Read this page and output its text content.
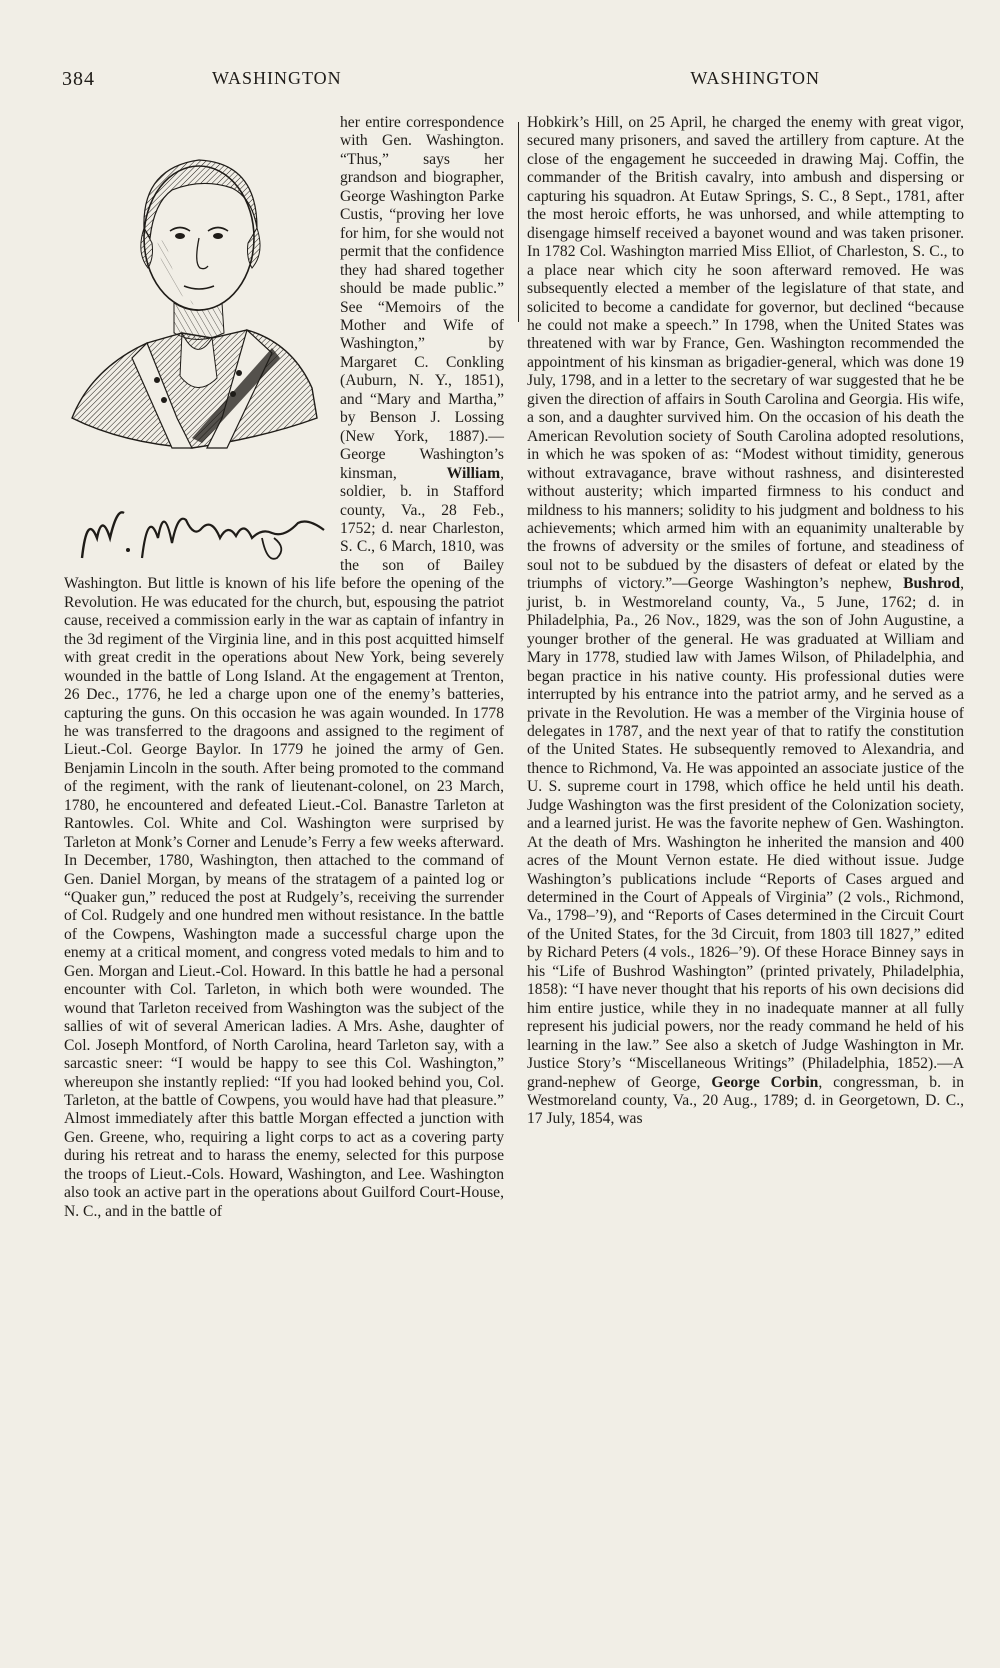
384	WASHINGTON	WASHINGTON

her entire correspondence with Gen. Washington. “Thus,” says her grandson and biographer, George Washington Parke Custis, “proving her love for him, for she would not permit that the confidence they had shared together should be made public.” See “Memoirs of the Mother and Wife of Washington,” by Margaret C. Conkling (Auburn, N. Y., 1851), and “Mary and Martha,” by Benson J. Lossing (New York, 1887).—George Washington’s kinsman, William, soldier, b. in Stafford county, Va., 28 Feb., 1752; d. near Charleston, S. C., 6 March, 1810, was the son of Bailey Washington. But little is known of his life before the opening of the Revolution. He was educated for the church, but, espousing the patriot cause, received a commission early in the war as captain of infantry in the 3d regiment of the Virginia line, and in this post acquitted himself with great credit in the operations about New York, being severely wounded in the battle of Long Island. At the engagement at Trenton, 26 Dec., 1776, he led a charge upon one of the enemy’s batteries, capturing the guns. On this occasion he was again wounded. In 1778 he was transferred to the dragoons and assigned to the regiment of Lieut.-Col. George Baylor. In 1779 he joined the army of Gen. Benjamin Lincoln in the south. After being promoted to the command of the regiment, with the rank of lieutenant-colonel, on 23 March, 1780, he encountered and defeated Lieut.-Col. Banastre Tarleton at Rantowles. Col. White and Col. Washington were surprised by Tarleton at Monk’s Corner and Lenude’s Ferry a few weeks afterward. In December, 1780, Washington, then attached to the command of Gen. Daniel Morgan, by means of the stratagem of a painted log or “Quaker gun,” reduced the post at Rudgely’s, receiving the surrender of Col. Rudgely and one hundred men without resistance. In the battle of the Cowpens, Washington made a successful charge upon the enemy at a critical moment, and congress voted medals to him and to Gen. Morgan and Lieut.-Col. Howard. In this battle he had a personal encounter with Col. Tarleton, in which both were wounded. The wound that Tarleton received from Washington was the subject of the sallies of wit of several American ladies. A Mrs. Ashe, daughter of Col. Joseph Montford, of North Carolina, heard Tarleton say, with a sarcastic sneer: “I would be happy to see this Col. Washington,” whereupon she instantly replied: “If you had looked behind you, Col. Tarleton, at the battle of Cowpens, you would have had that pleasure.” Almost immediately after this battle Morgan effected a junction with Gen. Greene, who, requiring a light corps to act as a covering party during his retreat and to harass the enemy, selected for this purpose the troops of Lieut.-Cols. Howard, Washington, and Lee. Washington also took an active part in the operations about Guilford Court-House, N. C., and in the battle of

Hobkirk’s Hill, on 25 April, he charged the enemy with great vigor, secured many prisoners, and saved the artillery from capture. At the close of the engagement he succeeded in drawing Maj. Coffin, the commander of the British cavalry, into ambush and dispersing or capturing his squadron. At Eutaw Springs, S. C., 8 Sept., 1781, after the most heroic efforts, he was unhorsed, and while attempting to disengage himself received a bayonet wound and was taken prisoner. In 1782 Col. Washington married Miss Elliot, of Charleston, S. C., to a place near which city he soon afterward removed. He was subsequently elected a member of the legislature of that state, and solicited to become a candidate for governor, but declined “because he could not make a speech.” In 1798, when the United States was threatened with war by France, Gen. Washington recommended the appointment of his kinsman as brigadier-general, which was done 19 July, 1798, and in a letter to the secretary of war suggested that he be given the direction of affairs in South Carolina and Georgia. His wife, a son, and a daughter survived him. On the occasion of his death the American Revolution society of South Carolina adopted resolutions, in which he was spoken of as: “Modest without timidity, generous without extravagance, brave without rashness, and disinterested without austerity; which imparted firmness to his conduct and mildness to his manners; solidity to his judgment and boldness to his achievements; which armed him with an equanimity unalterable by the frowns of adversity or the smiles of fortune, and steadiness of soul not to be subdued by the disasters of defeat or elated by the triumphs of victory.”—George Washington’s nephew, Bushrod, jurist, b. in Westmoreland county, Va., 5 June, 1762; d. in Philadelphia, Pa., 26 Nov., 1829, was the son of John Augustine, a younger brother of the general. He was graduated at William and Mary in 1778, studied law with James Wilson, of Philadelphia, and began practice in his native county. His professional duties were interrupted by his entrance into the patriot army, and he served as a private in the Revolution. He was a member of the Virginia house of delegates in 1787, and the next year of that to ratify the constitution of the United States. He subsequently removed to Alexandria, and thence to Richmond, Va. He was appointed an associate justice of the U. S. supreme court in 1798, which office he held until his death. Judge Washington was the first president of the Colonization society, and a learned jurist. He was the favorite nephew of Gen. Washington. At the death of Mrs. Washington he inherited the mansion and 400 acres of the Mount Vernon estate. He died without issue. Judge Washington’s publications include “Reports of Cases argued and determined in the Court of Appeals of Virginia” (2 vols., Richmond, Va., 1798–’9), and “Reports of Cases determined in the Circuit Court of the United States, for the 3d Circuit, from 1803 till 1827,” edited by Richard Peters (4 vols., 1826–’9). Of these Horace Binney says in his “Life of Bushrod Washington” (printed privately, Philadelphia, 1858): “I have never thought that his reports of his own decisions did him entire justice, while they in no inadequate manner at all fully represent his judicial powers, nor the ready command he held of his learning in the law.” See also a sketch of Judge Washington in Mr. Justice Story’s “Miscellaneous Writings” (Philadelphia, 1852).—A grand-nephew of George, George Corbin, congressman, b. in Westmoreland county, Va., 20 Aug., 1789; d. in Georgetown, D. C., 17 July, 1854, was
